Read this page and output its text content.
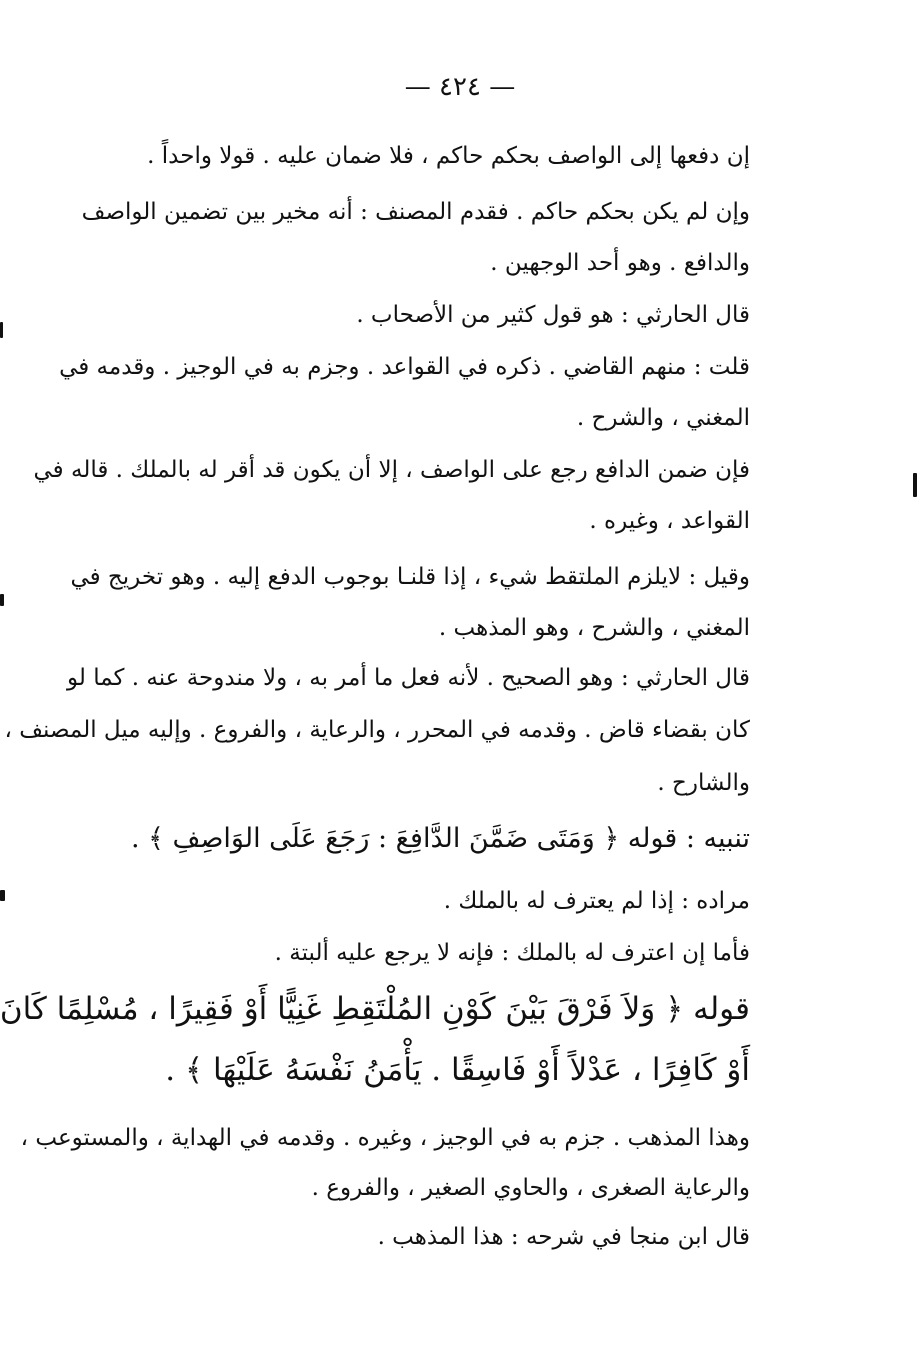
— ٤٢٤ —
إن دفعها إلى الواصف بحكم حاكم ، فلا ضمان عليه . قولا واحداً .
وإن لم يكن بحكم حاكم . فقدم المصنف : أنه مخير بين تضمين الواصف
والدافع . وهو أحد الوجهين .
قال الحارثي : هو قول كثير من الأصحاب .
قلت : منهم القاضي . ذكره في القواعد . وجزم به في الوجيز . وقدمه في
المغني ، والشرح .
فإن ضمن الدافع رجع على الواصف ، إلا أن يكون قد أقر له بالملك . قاله في
القواعد ، وغيره .
وقيل : لايلزم الملتقط شيء ، إذا قلنـا بوجوب الدفع إليه . وهو تخريج في
المغني ، والشرح ، وهو المذهب .
قال الحارثي : وهو الصحيح . لأنه فعل ما أمر به ، ولا مندوحة عنه . كما لو
كان بقضاء قاض . وقدمه في المحرر ، والرعاية ، والفروع . وإليه ميل المصنف ،
والشارح .
تنبيه : قوله ﴿ وَمَتَى ضَمَّنَ الدَّافِعَ : رَجَعَ عَلَى الوَاصِفِ ﴾ .
مراده : إذا لم يعترف له بالملك .
فأما إن اعترف له بالملك : فإنه لا يرجع عليه ألبتة .
قوله ﴿ وَلاَ فَرْقَ بَيْنَ كَوْنِ المُلْتَقِطِ غَنِيًّا أَوْ فَقِيرًا ، مُسْلِمًا كَانَ
أَوْ كَافِرًا ، عَدْلاً أَوْ فَاسِقًا . يَأْمَنُ نَفْسَهُ عَلَيْهَا ﴾ .
وهذا المذهب . جزم به في الوجيز ، وغيره . وقدمه في الهداية ، والمستوعب ،
والرعاية الصغرى ، والحاوي الصغير ، والفروع .
قال ابن منجا في شرحه : هذا المذهب .
